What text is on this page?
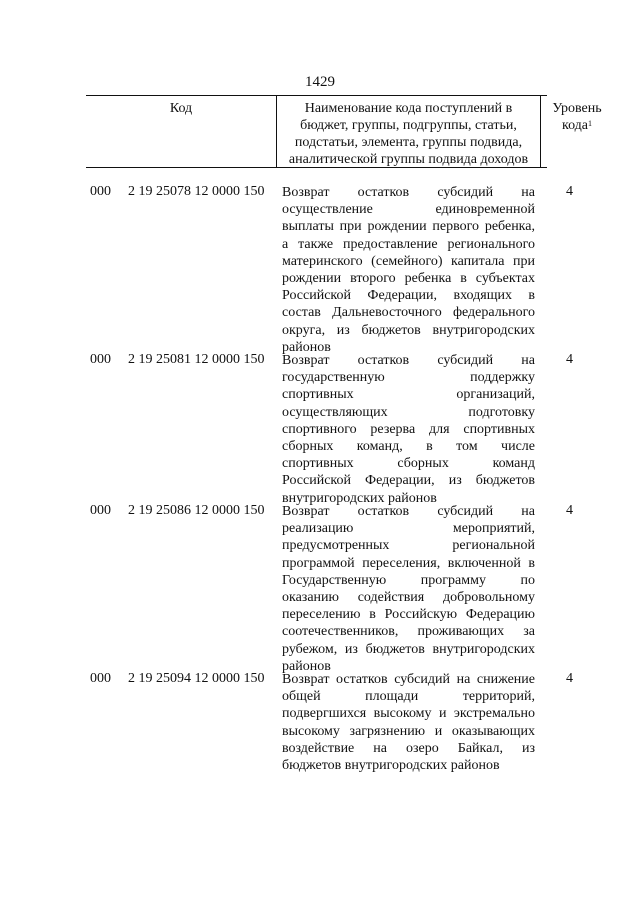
1429
Код	Наименование кода поступлений в
бюджет, группы, подгруппы, статьи,
подстатьи, элемента, группы подвида,
аналитической группы подвида доходов
Уровень
кода$^1$
000 2 19 25078 12 0000 150 Возврат остатков субсидий на
осуществление единовременной
выплаты при рождении первого ребенка,
а также предоставление регионального
материнского (семейного) капитала при
рождении второго ребенка в субъектах
Российской Федерации, входящих в
состав Дальневосточного федерального
округа, из бюджетов внутригородских
районов
4
000 2 19 25081 12 0000 150 Возврат остатков субсидий на
государственную поддержку
спортивных организаций,
осуществляющих подготовку
спортивного резерва для спортивных
сборных команд, в том числе
спортивных сборных команд
Российской Федерации, из бюджетов
внутригородских районов
4
000 2 19 25086 12 0000 150 Возврат остатков субсидий на
реализацию мероприятий,
предусмотренных региональной
программой переселения, включенной в
Государственную программу по
оказанию содействия добровольному
переселению в Российскую Федерацию
соотечественников, проживающих за
рубежом, из бюджетов внутригородских
районов
4
000 2 19 25094 12 0000 150 Возврат остатков субсидий на снижение
общей площади территорий,
подвергшихся высокому и экстремально
высокому загрязнению и оказывающих
воздействие на озеро Байкал, из
бюджетов внутригородских районов
4
